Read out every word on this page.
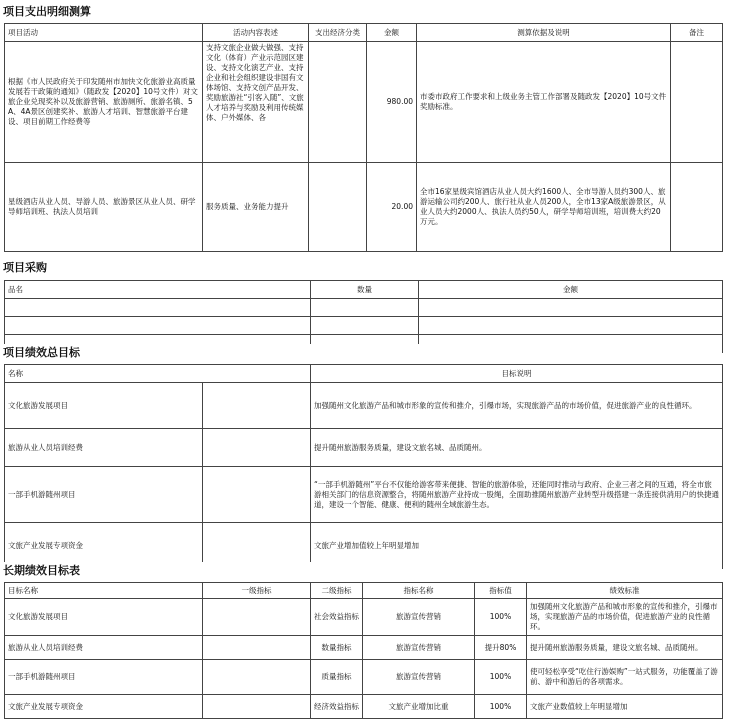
项目支出明细测算
项目活动	活动内容表述	支出经济分类	金额	测算依据及说明	备注
根据《市人民政府关于印发随州市加快文化旅游业高质量发展若干政策的通知》（随政发【2020】10号文件）对文旅企业兑现奖补以及旅游营销、旅游厕所、旅游名镇、5A、4A景区创建奖补、旅游人才培训、智慧旅游平台建设、项目前期工作经费等	支持文旅企业做大做强、支持文化（体育）产业示范园区建设、支持文化演艺产业、支持企业和社会组织建设非国有文体场馆、支持文创产品开发、奖励旅游社“引客入随”、文旅人才培养与奖励及利用传统媒体、户外媒体、各		980.00	市委市政府工作要求和上级业务主管工作部署及随政发【2020】10号文件奖励标准。	
星级酒店从业人员、导游人员、旅游景区从业人员、研学导师培训班、执法人员培训	服务质量、业务能力提升		20.00	全市16家星级宾馆酒店从业人员大约1600人、全市导游人员约300人、旅游运输公司约200人、旅行社从业人员200人，全市13家A级旅游景区，从业人员大约2000人、执法人员约50人，研学导师培训班，培训费大约20万元。	
项目采购
品名	数量	金额

项目绩效总目标
名称		目标说明
文化旅游发展项目		加强随州文化旅游产品和城市形象的宣传和推介，引爆市场，实现旅游产品的市场价值，促进旅游产业的良性循环。
旅游从业人员培训经费		提升随州旅游服务质量，建设文旅名城、品质随州。
一部手机游随州项目		“一部手机游随州”平台不仅能给游客带来便捷、智能的旅游体验，还能同时推动与政府、企业三者之间的互通，将全市旅游相关部门的信息资源整合，将随州旅游产业持成一股绳，全面助推随州旅游产业转型升级搭建一条连接供消用户的快捷通道，建设一个智能、健康、便利的随州全域旅游生态。
文旅产业发展专项资金		文旅产业增加值较上年明显增加
长期绩效目标表
目标名称	一级指标	二级指标	指标名称	指标值	绩效标准
文化旅游发展项目		社会效益指标	旅游宣传营销	100%	加强随州文化旅游产品和城市形象的宣传和推介，引爆市场，实现旅游产品的市场价值，促进旅游产业的良性循环。
旅游从业人员培训经费		数量指标	旅游宣传营销	提升80%	提升随州旅游服务质量，建设文旅名城、品质随州。
一部手机游随州项目		质量指标	旅游宣传营销	100%	使可轻松享受“吃住行游娱购”一站式服务，功能覆盖了游前、游中和游后的各项需求。
文旅产业发展专项资金		经济效益指标	文旅产业增加比重	100%	文旅产业数值较上年明显增加
